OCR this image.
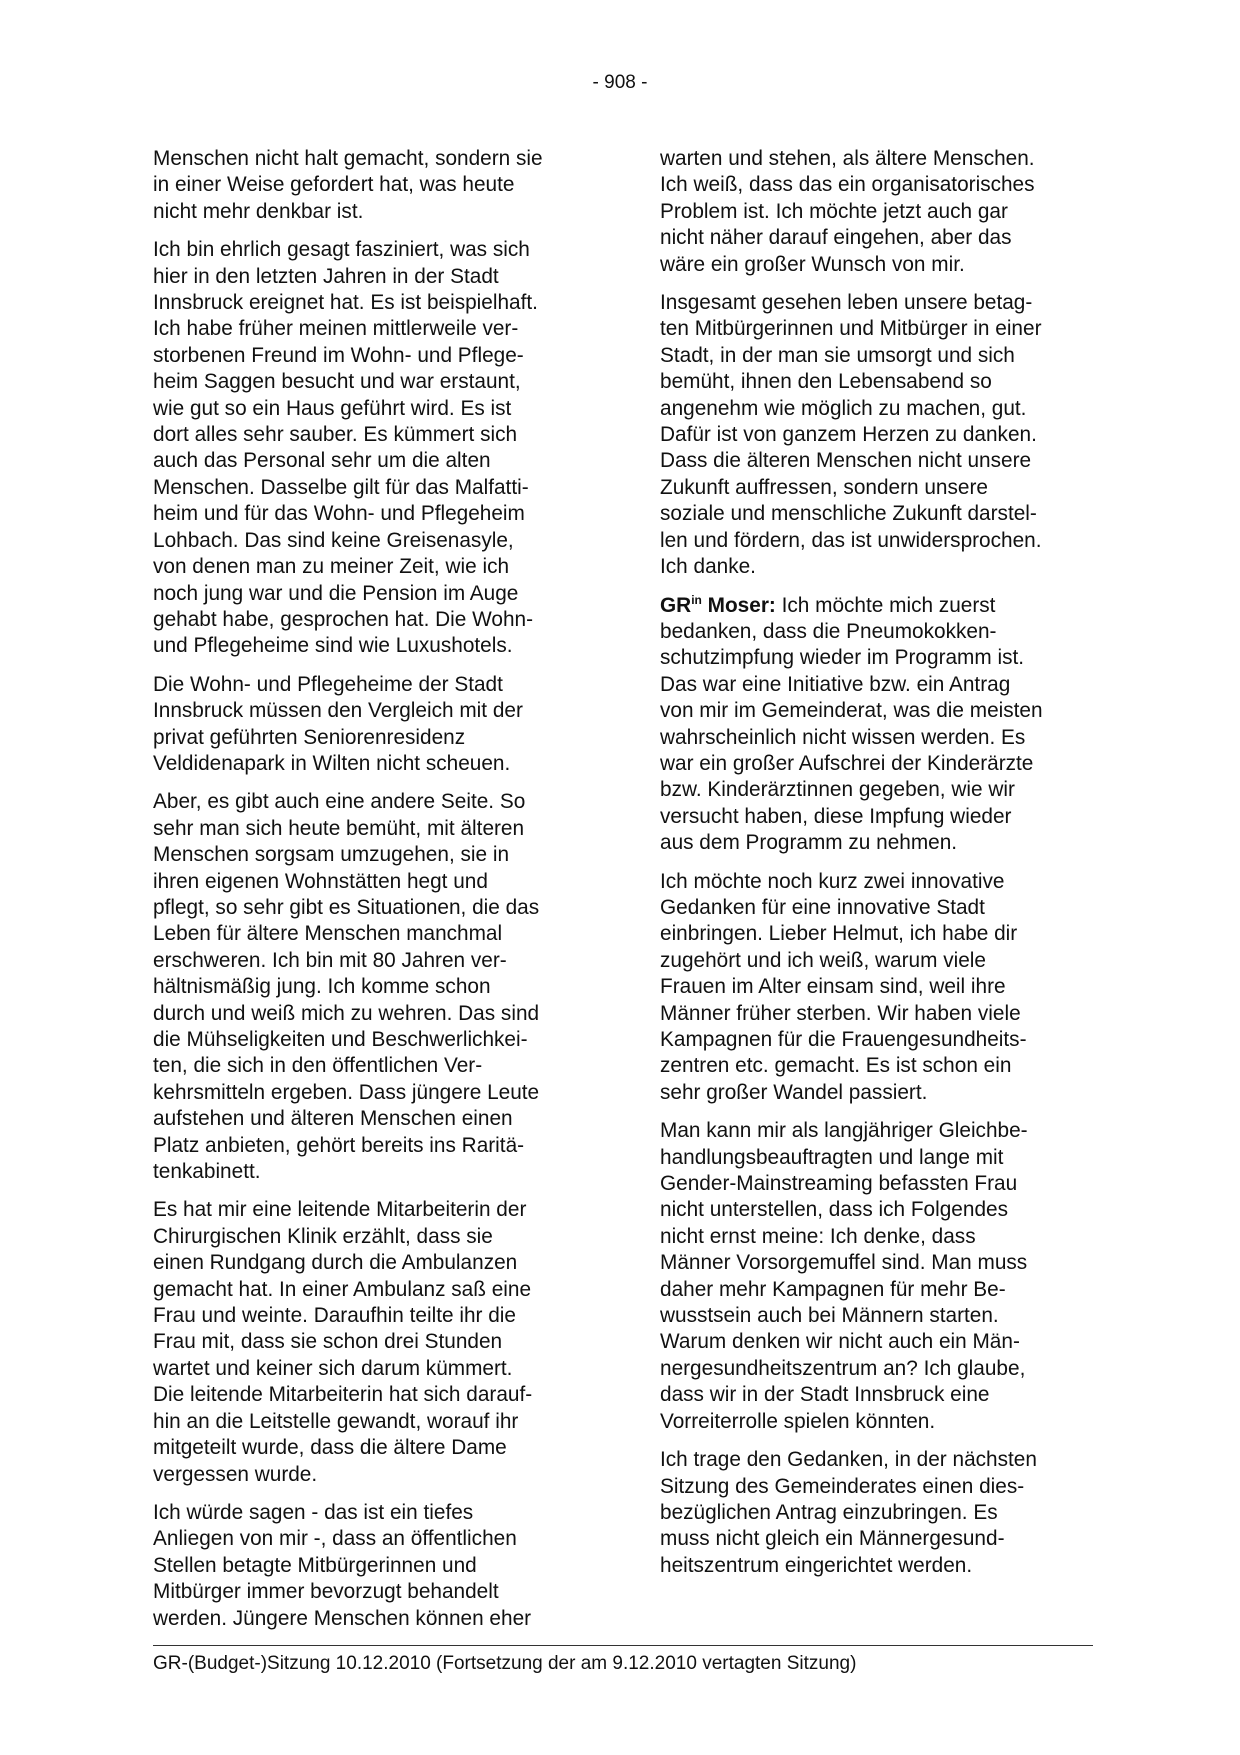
- 908 -

Menschen nicht halt gemacht, sondern sie
in einer Weise gefordert hat, was heute
nicht mehr denkbar ist.

Ich bin ehrlich gesagt fasziniert, was sich
hier in den letzten Jahren in der Stadt
Innsbruck ereignet hat. Es ist beispielhaft.
Ich habe früher meinen mittlerweile ver-
storbenen Freund im Wohn- und Pflege-
heim Saggen besucht und war erstaunt,
wie gut so ein Haus geführt wird. Es ist
dort alles sehr sauber. Es kümmert sich
auch das Personal sehr um die alten
Menschen. Dasselbe gilt für das Malfatti-
heim und für das Wohn- und Pflegeheim
Lohbach. Das sind keine Greisenasyle,
von denen man zu meiner Zeit, wie ich
noch jung war und die Pension im Auge
gehabt habe, gesprochen hat. Die Wohn-
und Pflegeheime sind wie Luxushotels.

Die Wohn- und Pflegeheime der Stadt
Innsbruck müssen den Vergleich mit der
privat geführten Seniorenresidenz
Veldidenapark in Wilten nicht scheuen.

Aber, es gibt auch eine andere Seite. So
sehr man sich heute bemüht, mit älteren
Menschen sorgsam umzugehen, sie in
ihren eigenen Wohnstätten hegt und
pflegt, so sehr gibt es Situationen, die das
Leben für ältere Menschen manchmal
erschweren. Ich bin mit 80 Jahren ver-
hältnismäßig jung. Ich komme schon
durch und weiß mich zu wehren. Das sind
die Mühseligkeiten und Beschwerlichkei-
ten, die sich in den öffentlichen Ver-
kehrsmitteln ergeben. Dass jüngere Leute
aufstehen und älteren Menschen einen
Platz anbieten, gehört bereits ins Raritä-
tenkabinett.

Es hat mir eine leitende Mitarbeiterin der
Chirurgischen Klinik erzählt, dass sie
einen Rundgang durch die Ambulanzen
gemacht hat. In einer Ambulanz saß eine
Frau und weinte. Daraufhin teilte ihr die
Frau mit, dass sie schon drei Stunden
wartet und keiner sich darum kümmert.
Die leitende Mitarbeiterin hat sich darauf-
hin an die Leitstelle gewandt, worauf ihr
mitgeteilt wurde, dass die ältere Dame
vergessen wurde.

Ich würde sagen - das ist ein tiefes
Anliegen von mir -, dass an öffentlichen
Stellen betagte Mitbürgerinnen und
Mitbürger immer bevorzugt behandelt
werden. Jüngere Menschen können eher

warten und stehen, als ältere Menschen.
Ich weiß, dass das ein organisatorisches
Problem ist. Ich möchte jetzt auch gar
nicht näher darauf eingehen, aber das
wäre ein großer Wunsch von mir.

Insgesamt gesehen leben unsere betag-
ten Mitbürgerinnen und Mitbürger in einer
Stadt, in der man sie umsorgt und sich
bemüht, ihnen den Lebensabend so
angenehm wie möglich zu machen, gut.
Dafür ist von ganzem Herzen zu danken.
Dass die älteren Menschen nicht unsere
Zukunft auffressen, sondern unsere
soziale und menschliche Zukunft darstel-
len und fördern, das ist unwidersprochen.
Ich danke.

$GR^{in}$ Moser: Ich möchte mich zuerst
bedanken, dass die Pneumokokken-
schutzimpfung wieder im Programm ist.
Das war eine Initiative bzw. ein Antrag
von mir im Gemeinderat, was die meisten
wahrscheinlich nicht wissen werden. Es
war ein großer Aufschrei der Kinderärzte
bzw. Kinderärztinnen gegeben, wie wir
versucht haben, diese Impfung wieder
aus dem Programm zu nehmen.

Ich möchte noch kurz zwei innovative
Gedanken für eine innovative Stadt
einbringen. Lieber Helmut, ich habe dir
zugehört und ich weiß, warum viele
Frauen im Alter einsam sind, weil ihre
Männer früher sterben. Wir haben viele
Kampagnen für die Frauengesundheits-
zentren etc. gemacht. Es ist schon ein
sehr großer Wandel passiert.

Man kann mir als langjähriger Gleichbe-
handlungsbeauftragten und lange mit
Gender-Mainstreaming befassten Frau
nicht unterstellen, dass ich Folgendes
nicht ernst meine: Ich denke, dass
Männer Vorsorgemuffel sind. Man muss
daher mehr Kampagnen für mehr Be-
wusstsein auch bei Männern starten.
Warum denken wir nicht auch ein Män-
nergesundheitszentrum an? Ich glaube,
dass wir in der Stadt Innsbruck eine
Vorreiterrolle spielen könnten.

Ich trage den Gedanken, in der nächsten
Sitzung des Gemeinderates einen dies-
bezüglichen Antrag einzubringen. Es
muss nicht gleich ein Männergesund-
heitszentrum eingerichtet werden.

GR-(Budget-)Sitzung 10.12.2010 (Fortsetzung der am 9.12.2010 vertagten Sitzung)
